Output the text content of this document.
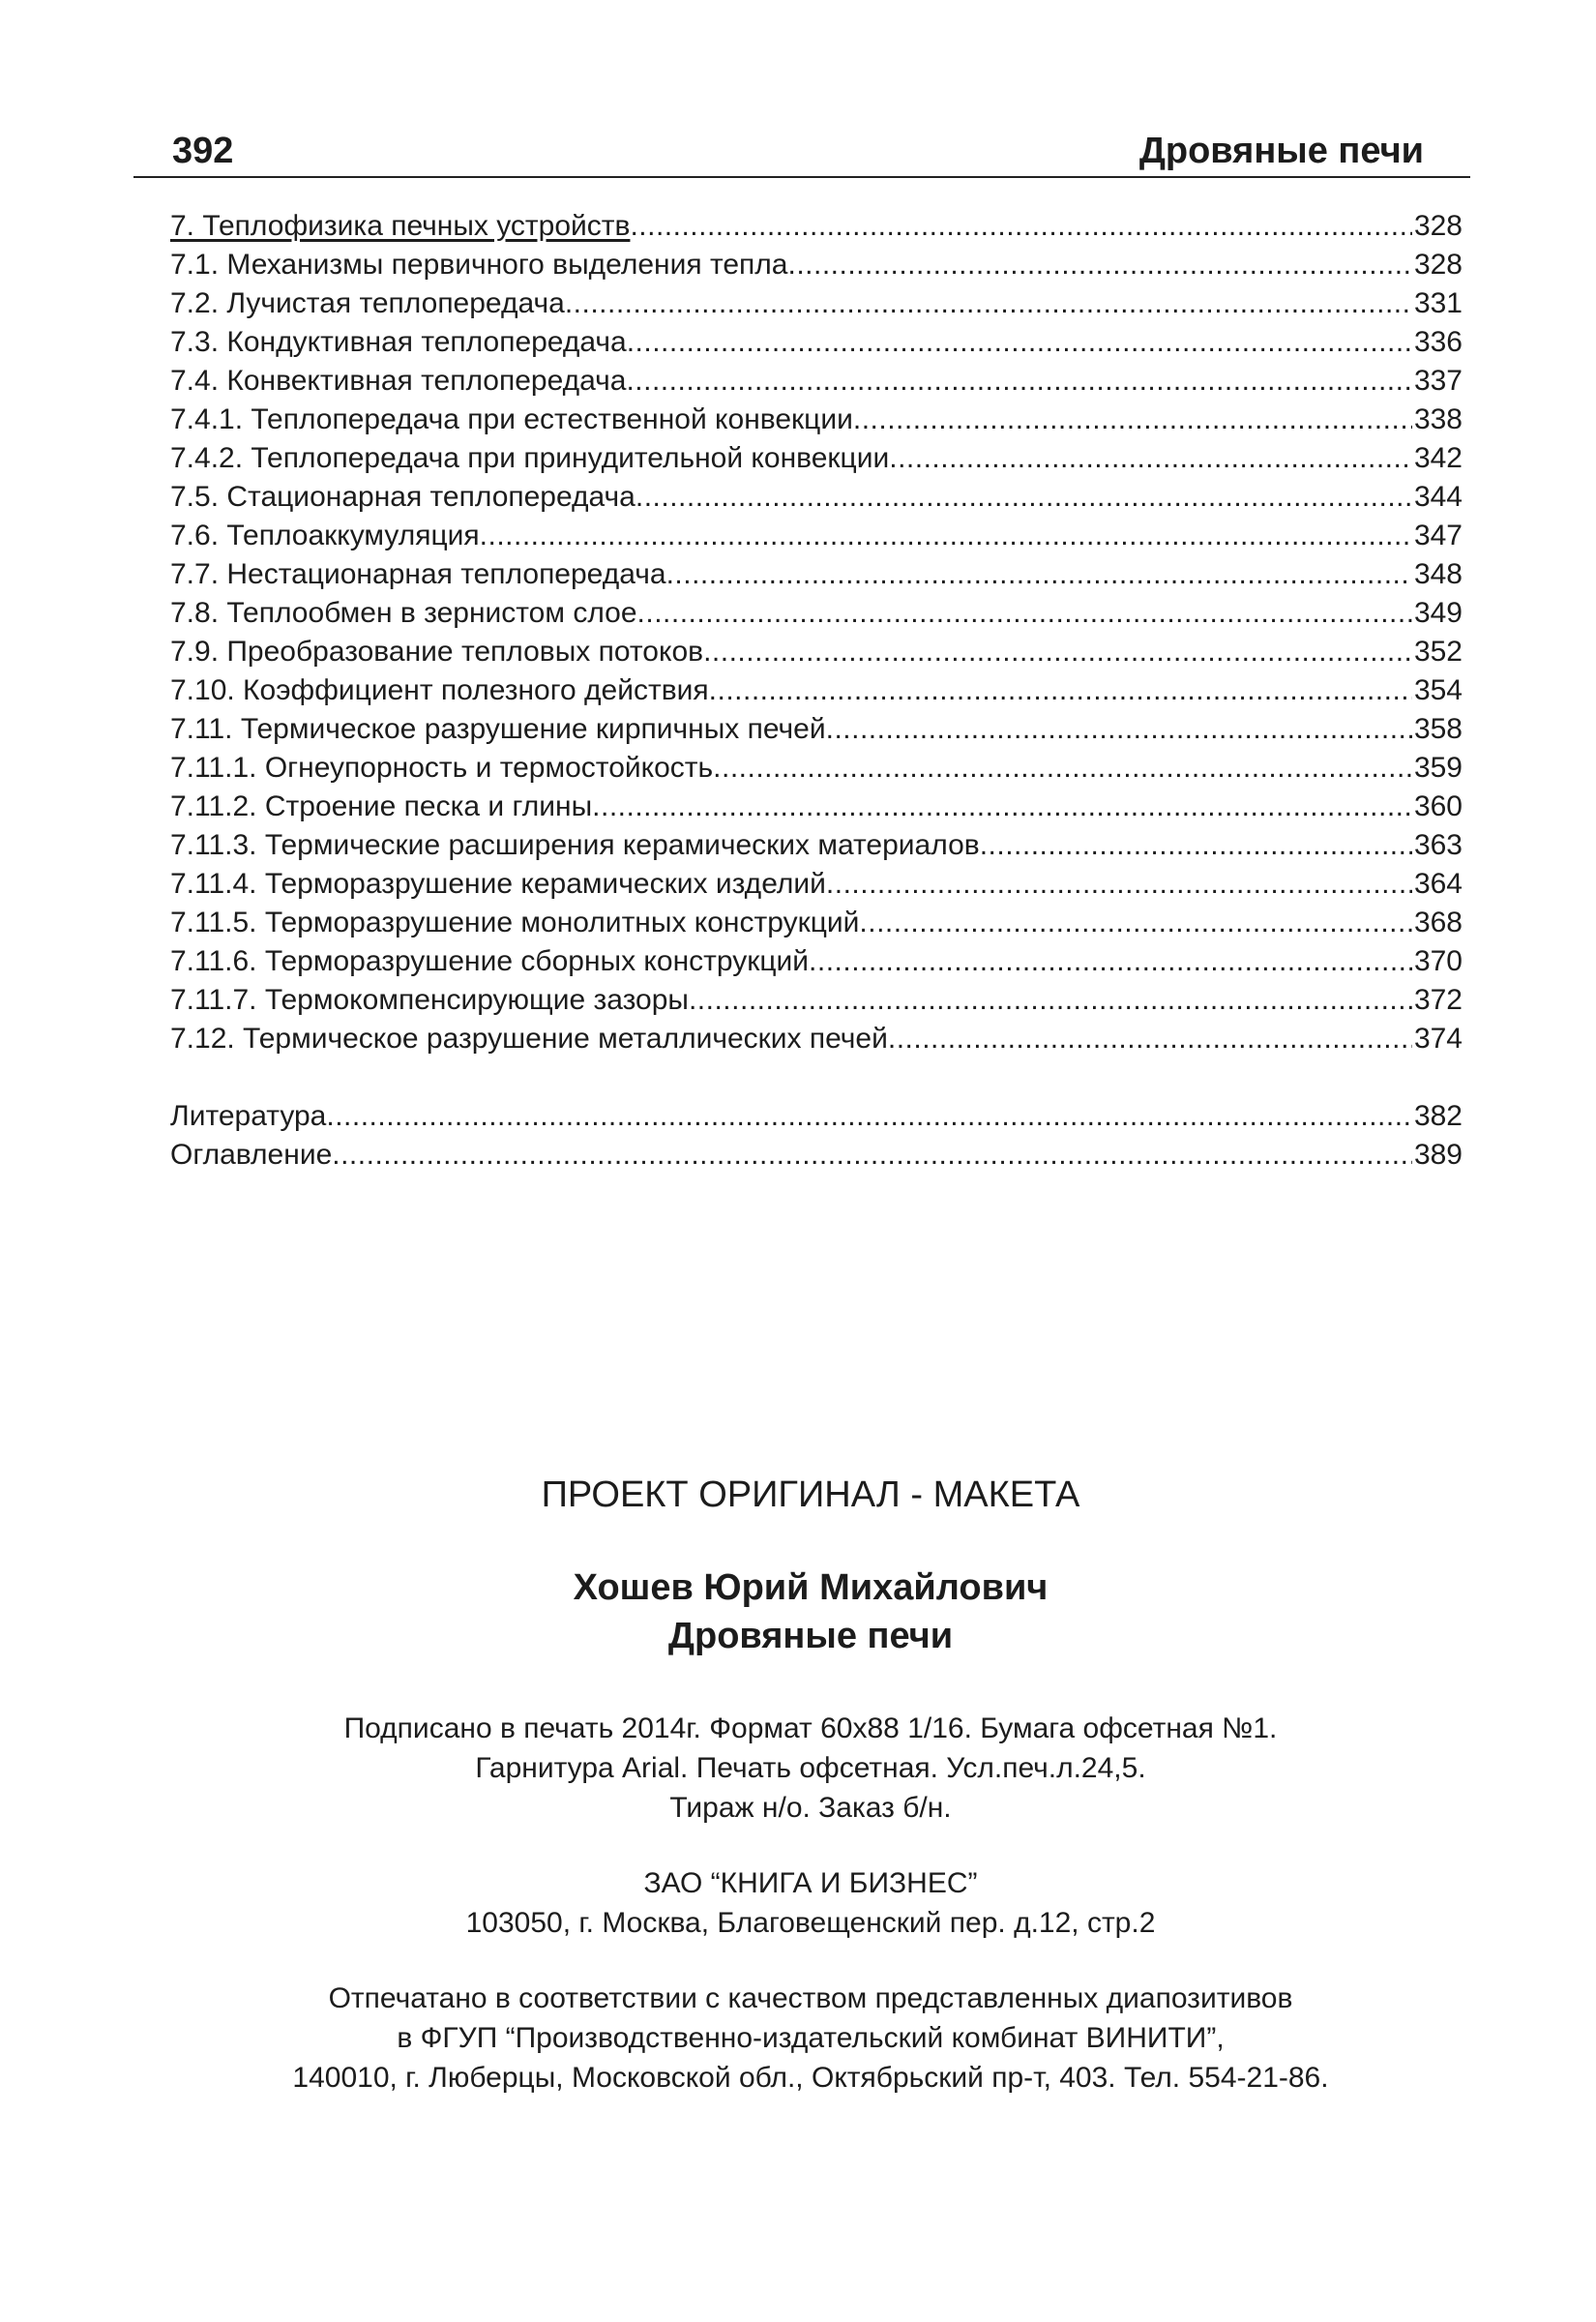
392	Дровяные печи
7. Теплофизика печных устройств .....	328
7.1. Механизмы первичного выделения тепла .....	328
7.2. Лучистая теплопередача .....	331
7.3. Кондуктивная теплопередача .....	336
7.4. Конвективная теплопередача .....	337
7.4.1. Теплопередача при естественной конвекции .....	338
7.4.2. Теплопередача при принудительной конвекции .....	342
7.5. Стационарная теплопередача .....	344
7.6. Теплоаккумуляция .....	347
7.7. Нестационарная теплопередача .....	348
7.8. Теплообмен в зернистом слое .....	349
7.9. Преобразование тепловых потоков .....	352
7.10. Коэффициент полезного действия .....	354
7.11. Термическое разрушение кирпичных печей .....	358
7.11.1. Огнеупорность и термостойкость .....	359
7.11.2. Строение песка и глины .....	360
7.11.3. Термические расширения керамических материалов .....	363
7.11.4. Терморазрушение керамических изделий .....	364
7.11.5. Терморазрушение монолитных конструкций .....	368
7.11.6. Терморазрушение сборных конструкций .....	370
7.11.7. Термокомпенсирующие зазоры .....	372
7.12. Термическое разрушение металлических печей .....	374
Литература .....	382
Оглавление .....	389
ПРОЕКТ ОРИГИНАЛ - МАКЕТА
Хошев Юрий Михайлович
Дровяные печи
Подписано в печать 2014г. Формат 60х88 1/16. Бумага офсетная №1.
Гарнитура Arial. Печать офсетная. Усл.печ.л.24,5.
Тираж н/о. Заказ б/н.
ЗАО “КНИГА И БИЗНЕС”
103050, г. Москва, Благовещенский пер. д.12, стр.2
Отпечатано в соответствии с качеством представленных диапозитивов
в ФГУП “Производственно-издательский комбинат ВИНИТИ”,
140010, г. Люберцы, Московской обл., Октябрьский пр-т, 403. Тел. 554-21-86.
